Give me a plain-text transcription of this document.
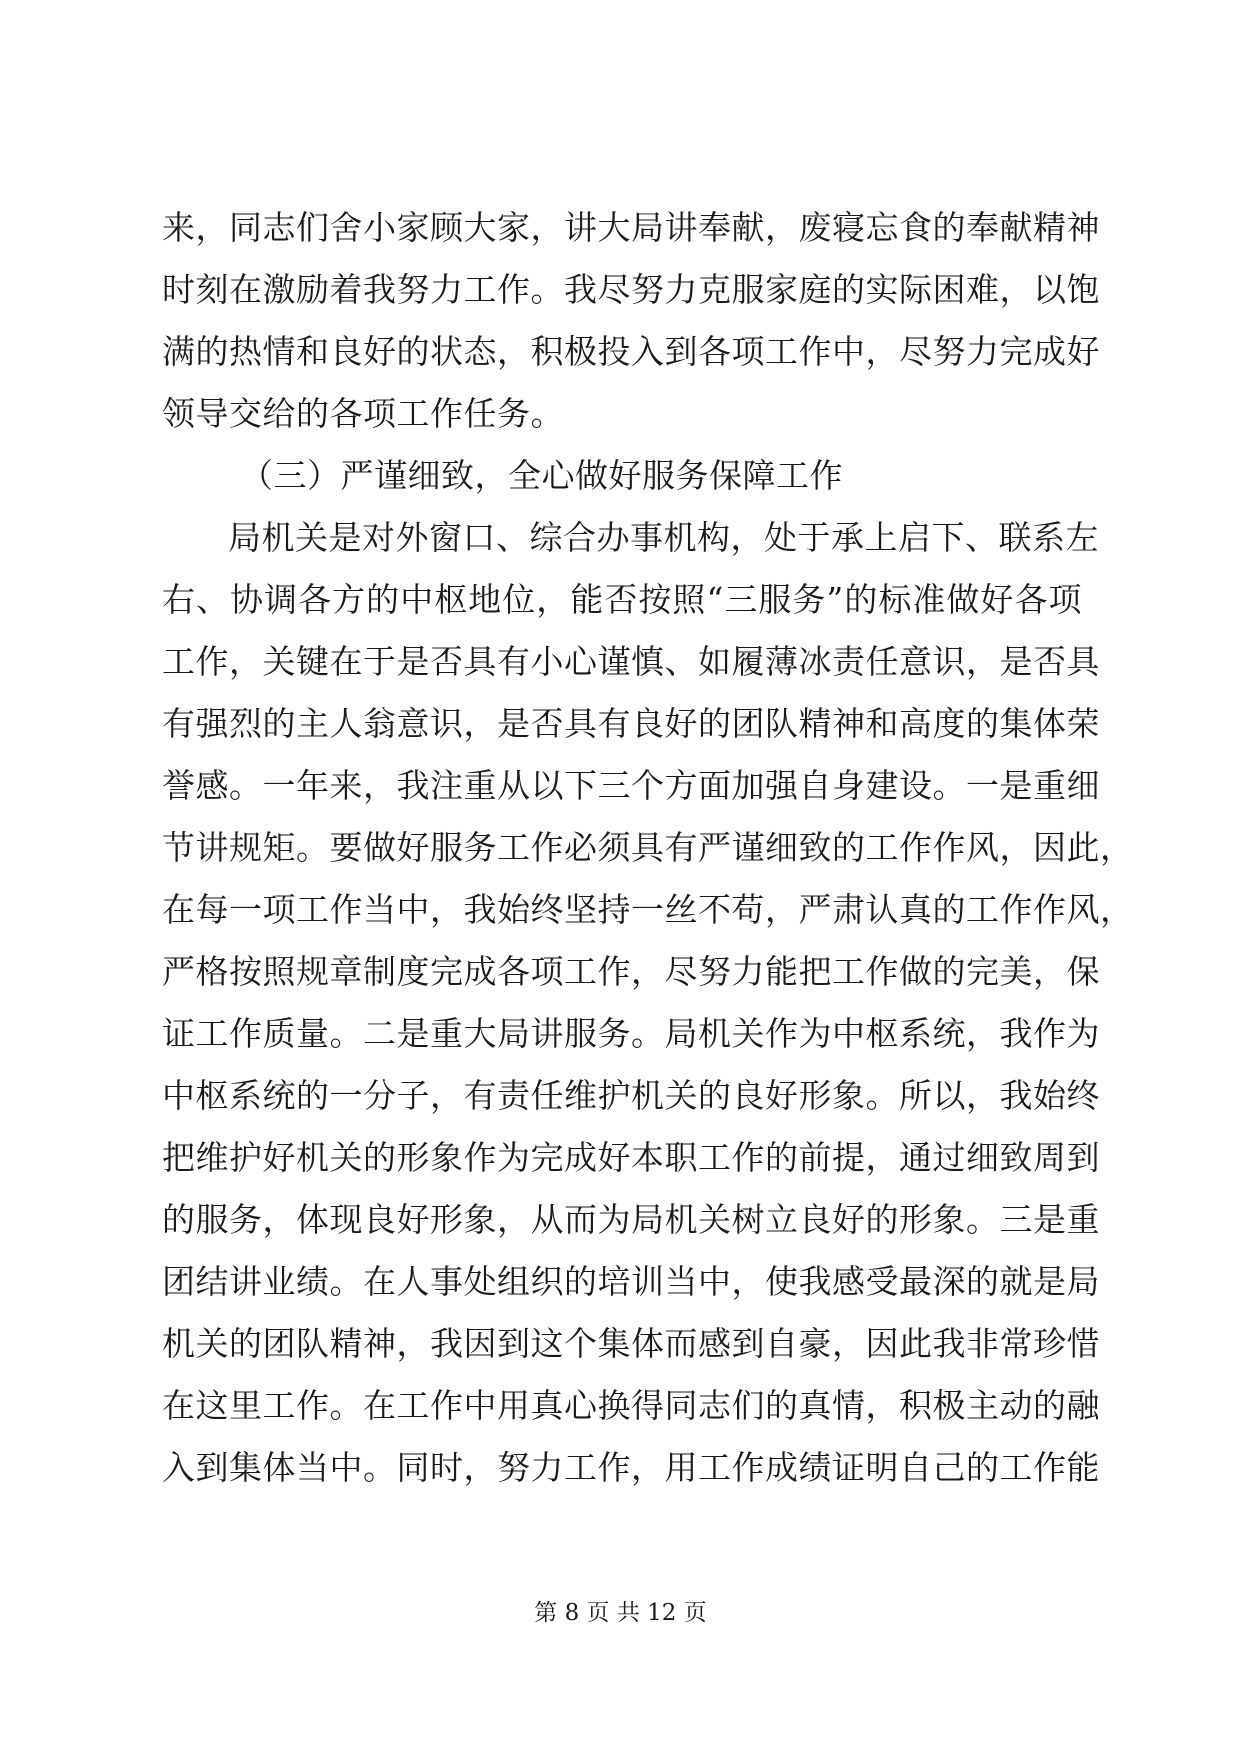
来，同志们舍小家顾大家，讲大局讲奉献，废寝忘食的奉献精神
时刻在激励着我努力工作。我尽努力克服家庭的实际困难，以饱
满的热情和良好的状态，积极投入到各项工作中，尽努力完成好
领导交给的各项工作任务。
（三）严谨细致，全心做好服务保障工作
局机关是对外窗口、综合办事机构，处于承上启下、联系左
右、协调各方的中枢地位，能否按照“三服务”的标准做好各项
工作，关键在于是否具有小心谨慎、如履薄冰责任意识，是否具
有强烈的主人翁意识，是否具有良好的团队精神和高度的集体荣
誉感。一年来，我注重从以下三个方面加强自身建设。一是重细
节讲规矩。要做好服务工作必须具有严谨细致的工作作风，因此，
在每一项工作当中，我始终坚持一丝不苟，严肃认真的工作作风，
严格按照规章制度完成各项工作，尽努力能把工作做的完美，保
证工作质量。二是重大局讲服务。局机关作为中枢系统，我作为
中枢系统的一分子，有责任维护机关的良好形象。所以，我始终
把维护好机关的形象作为完成好本职工作的前提，通过细致周到
的服务，体现良好形象，从而为局机关树立良好的形象。三是重
团结讲业绩。在人事处组织的培训当中，使我感受最深的就是局
机关的团队精神，我因到这个集体而感到自豪，因此我非常珍惜
在这里工作。在工作中用真心换得同志们的真情，积极主动的融
入到集体当中。同时，努力工作，用工作成绩证明自己的工作能
第 8 页 共 12 页
